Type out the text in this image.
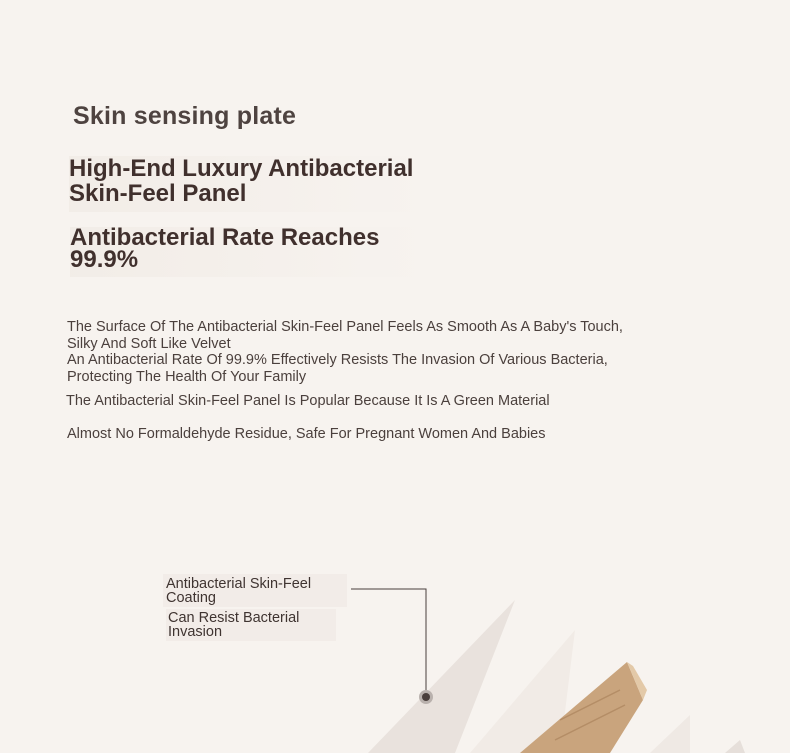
Skin sensing plate
High-End Luxury Antibacterial
Skin-Feel Panel
Antibacterial Rate Reaches
99.9%
The Surface Of The Antibacterial Skin-Feel Panel Feels As Smooth As A Baby's Touch,
Silky And Soft Like Velvet
An Antibacterial Rate Of 99.9% Effectively Resists The Invasion Of Various Bacteria,
Protecting The Health Of Your Family
The Antibacterial Skin-Feel Panel Is Popular Because It Is A Green Material
Almost No Formaldehyde Residue, Safe For Pregnant Women And Babies
Antibacterial Skin-Feel
Coating
Can Resist Bacterial
Invasion
